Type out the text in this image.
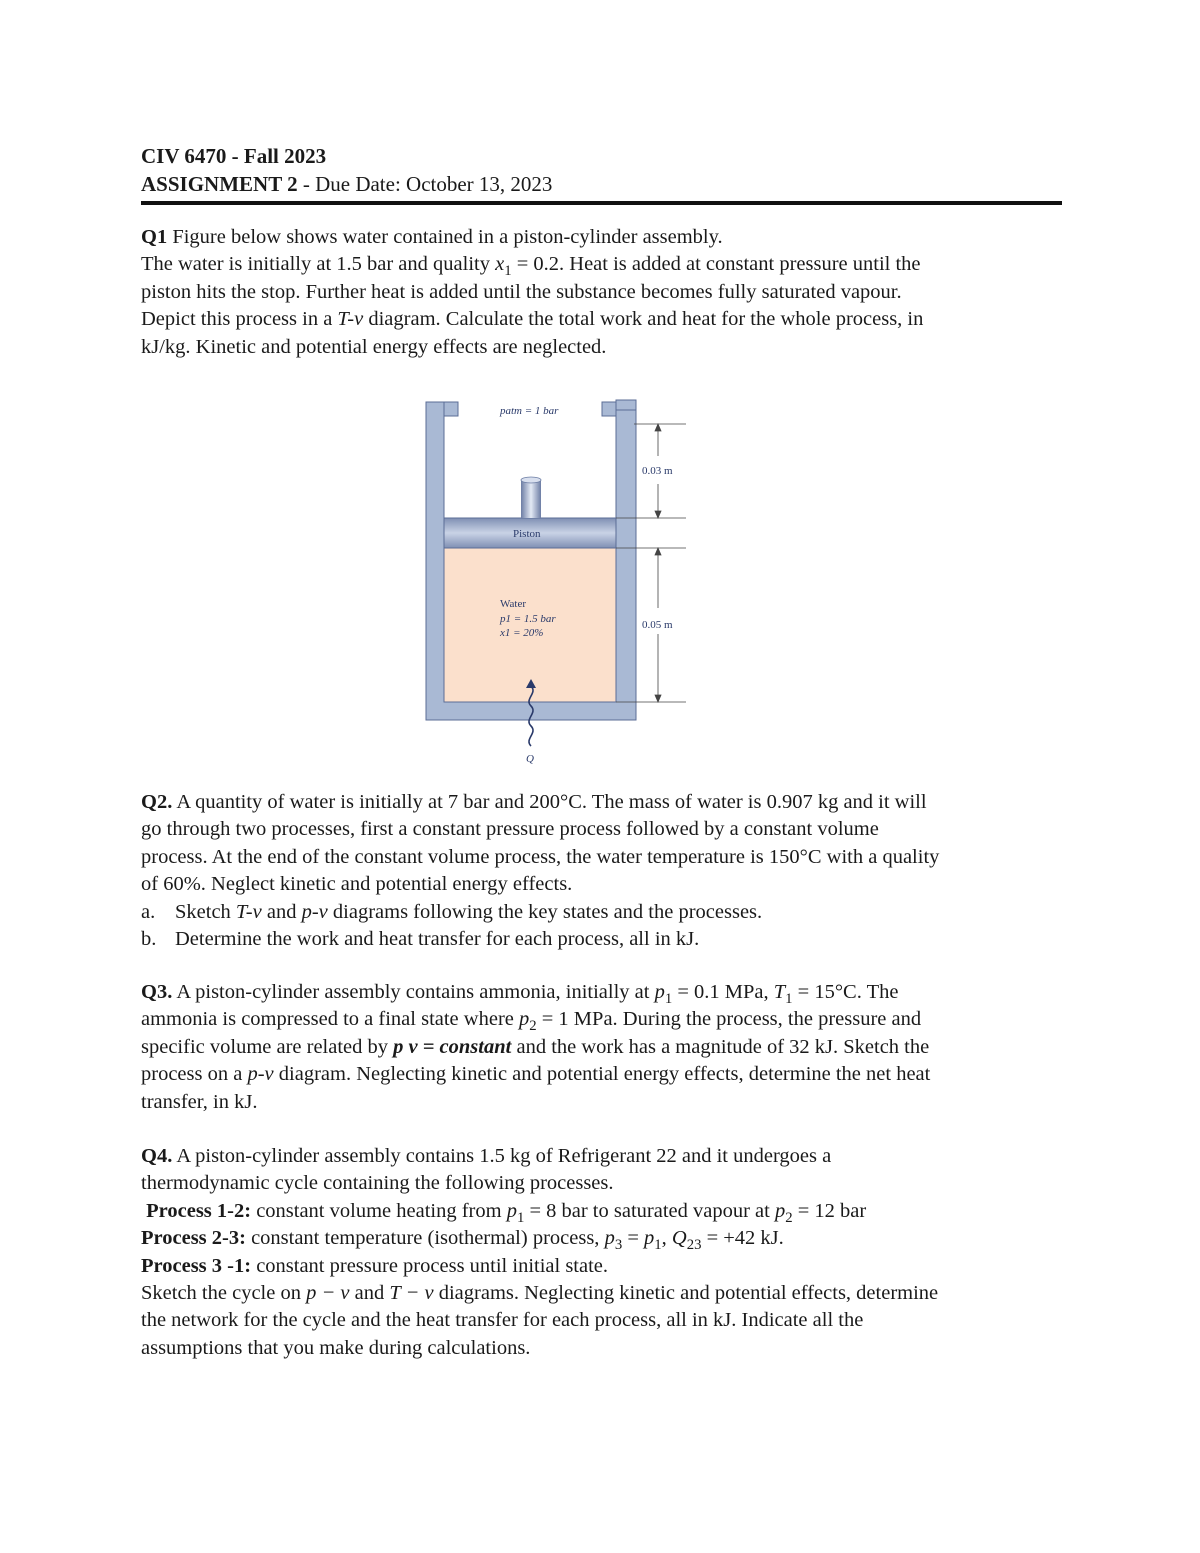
CIV 6470 - Fall 2023
ASSIGNMENT 2 - Due Date: October 13, 2023

Q1 Figure below shows water contained in a piston-cylinder assembly.

The water is initially at 1.5 bar and quality $x_1 = 0.2$. Heat is added at constant pressure until the

piston hits the stop. Further heat is added until the substance becomes fully saturated vapour.

Depict this process in a T-v diagram. Calculate the total work and heat for the whole process, in

kJ/kg. Kinetic and potential energy effects are neglected.

patm = 1 bar
Piston
Water
p1 = 1.5 bar
x1 = 20%
0.03 m
0.05 m
Q

Q2. A quantity of water is initially at 7 bar and 200°C. The mass of water is 0.907 kg and it will

go through two processes, first a constant pressure process followed by a constant volume

process. At the end of the constant volume process, the water temperature is 150°C with a quality

of 60%. Neglect kinetic and potential energy effects.

a. Sketch T-v and p-v diagrams following the key states and the processes.
b. Determine the work and heat transfer for each process, all in kJ.

Q3. A piston-cylinder assembly contains ammonia, initially at $p_1 = 0.1$ MPa, $T_1 = 15^\circ C$. The

ammonia is compressed to a final state where $p_2 = 1$ MPa. During the process, the pressure and

specific volume are related by p v = constant and the work has a magnitude of 32 kJ. Sketch the

process on a p-v diagram. Neglecting kinetic and potential energy effects, determine the net heat

transfer, in kJ.

Q4. A piston-cylinder assembly contains 1.5 kg of Refrigerant 22 and it undergoes a

thermodynamic cycle containing the following processes.

Process 1-2: constant volume heating from $p_1 = 8$ bar to saturated vapour at $p_2 = 12$ bar

Process 2-3: constant temperature (isothermal) process, $p_3 = p_1$, $Q_{23} = +42$ kJ.

Process 3 -1: constant pressure process until initial state.

Sketch the cycle on p − v and T − v diagrams. Neglecting kinetic and potential effects, determine

the network for the cycle and the heat transfer for each process, all in kJ. Indicate all the

assumptions that you make during calculations.
